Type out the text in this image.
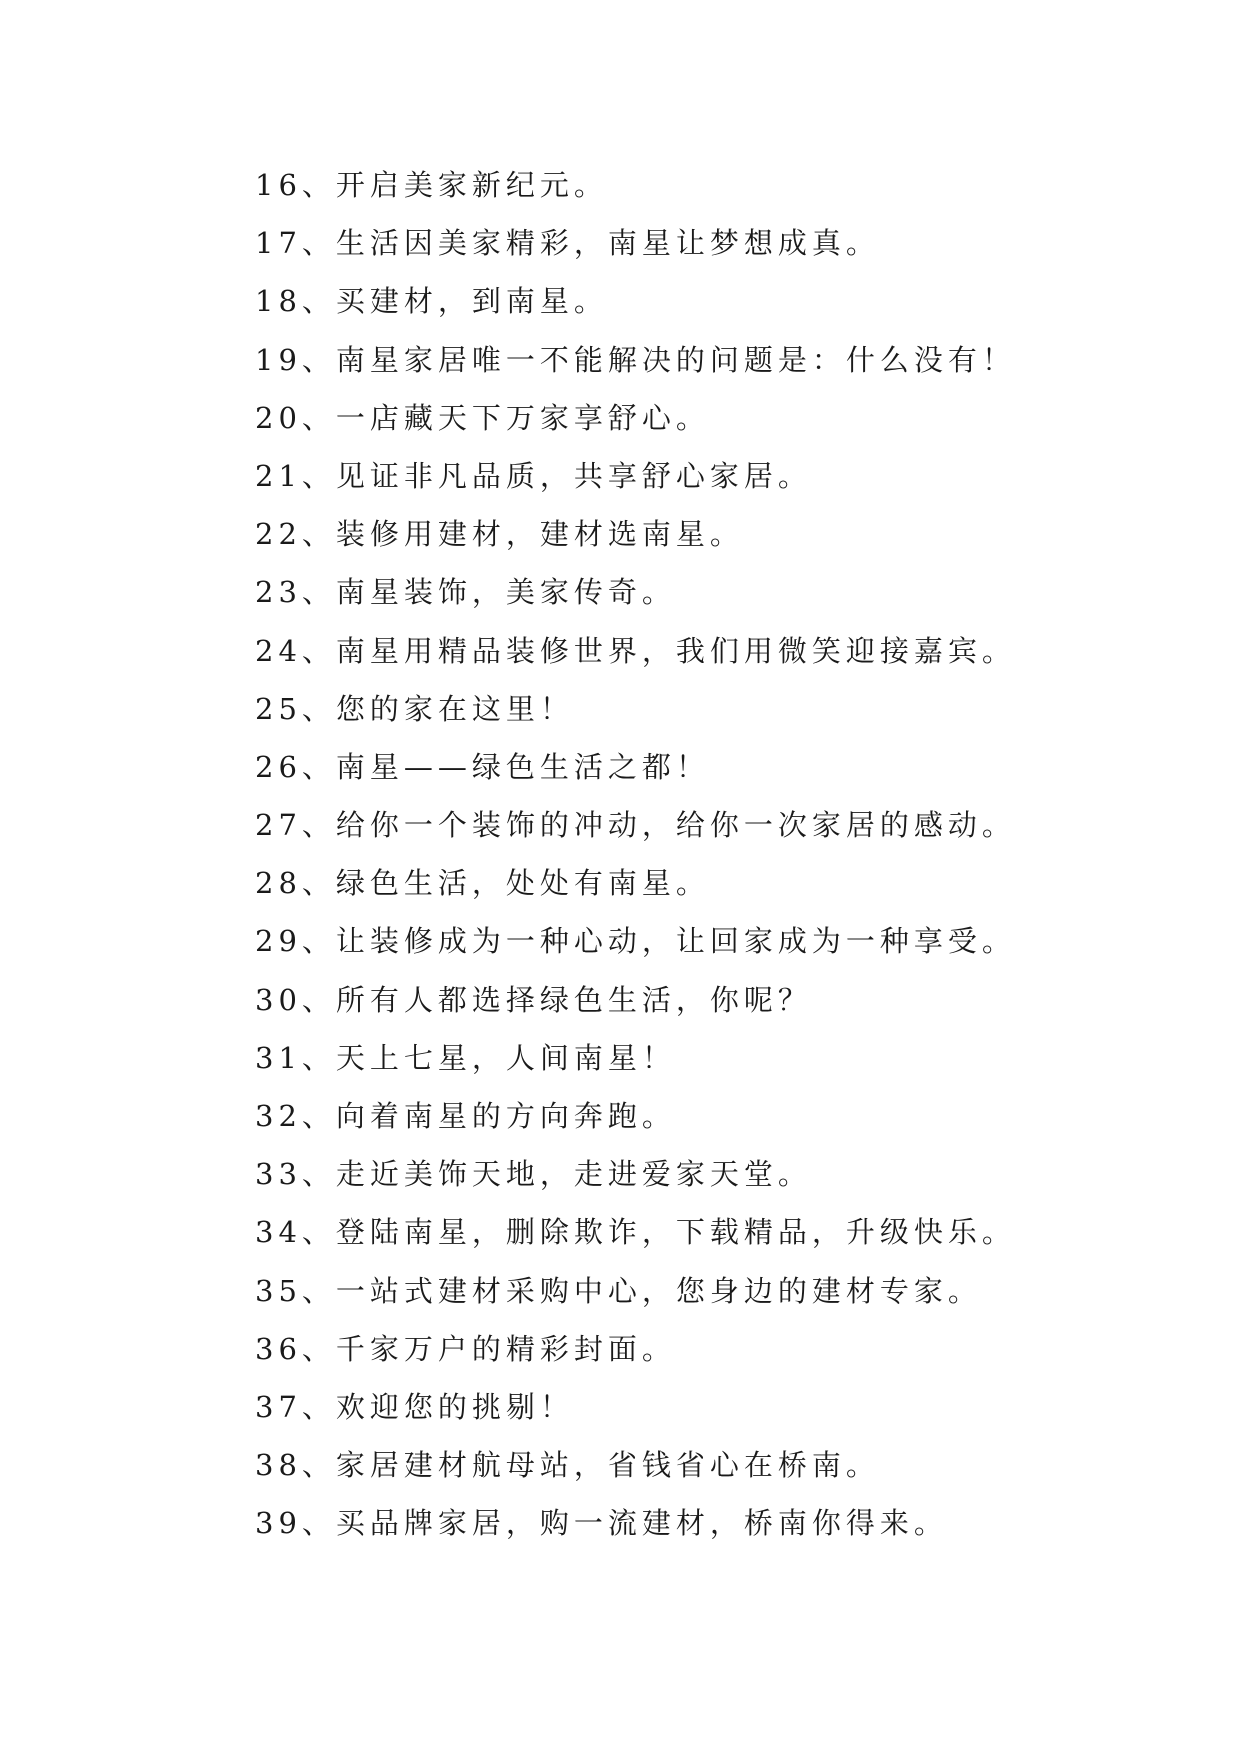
16、开启美家新纪元。
17、生活因美家精彩，南星让梦想成真。
18、买建材，到南星。
19、南星家居唯一不能解决的问题是：什么没有！
20、一店藏天下万家享舒心。
21、见证非凡品质，共享舒心家居。
22、装修用建材，建材选南星。
23、南星装饰，美家传奇。
24、南星用精品装修世界，我们用微笑迎接嘉宾。
25、您的家在这里！
26、南星——绿色生活之都！
27、给你一个装饰的冲动，给你一次家居的感动。
28、绿色生活，处处有南星。
29、让装修成为一种心动，让回家成为一种享受。
30、所有人都选择绿色生活，你呢？
31、天上七星，人间南星！
32、向着南星的方向奔跑。
33、走近美饰天地，走进爱家天堂。
34、登陆南星，删除欺诈，下载精品，升级快乐。
35、一站式建材采购中心，您身边的建材专家。
36、千家万户的精彩封面。
37、欢迎您的挑剔！
38、家居建材航母站，省钱省心在桥南。
39、买品牌家居，购一流建材，桥南你得来。
